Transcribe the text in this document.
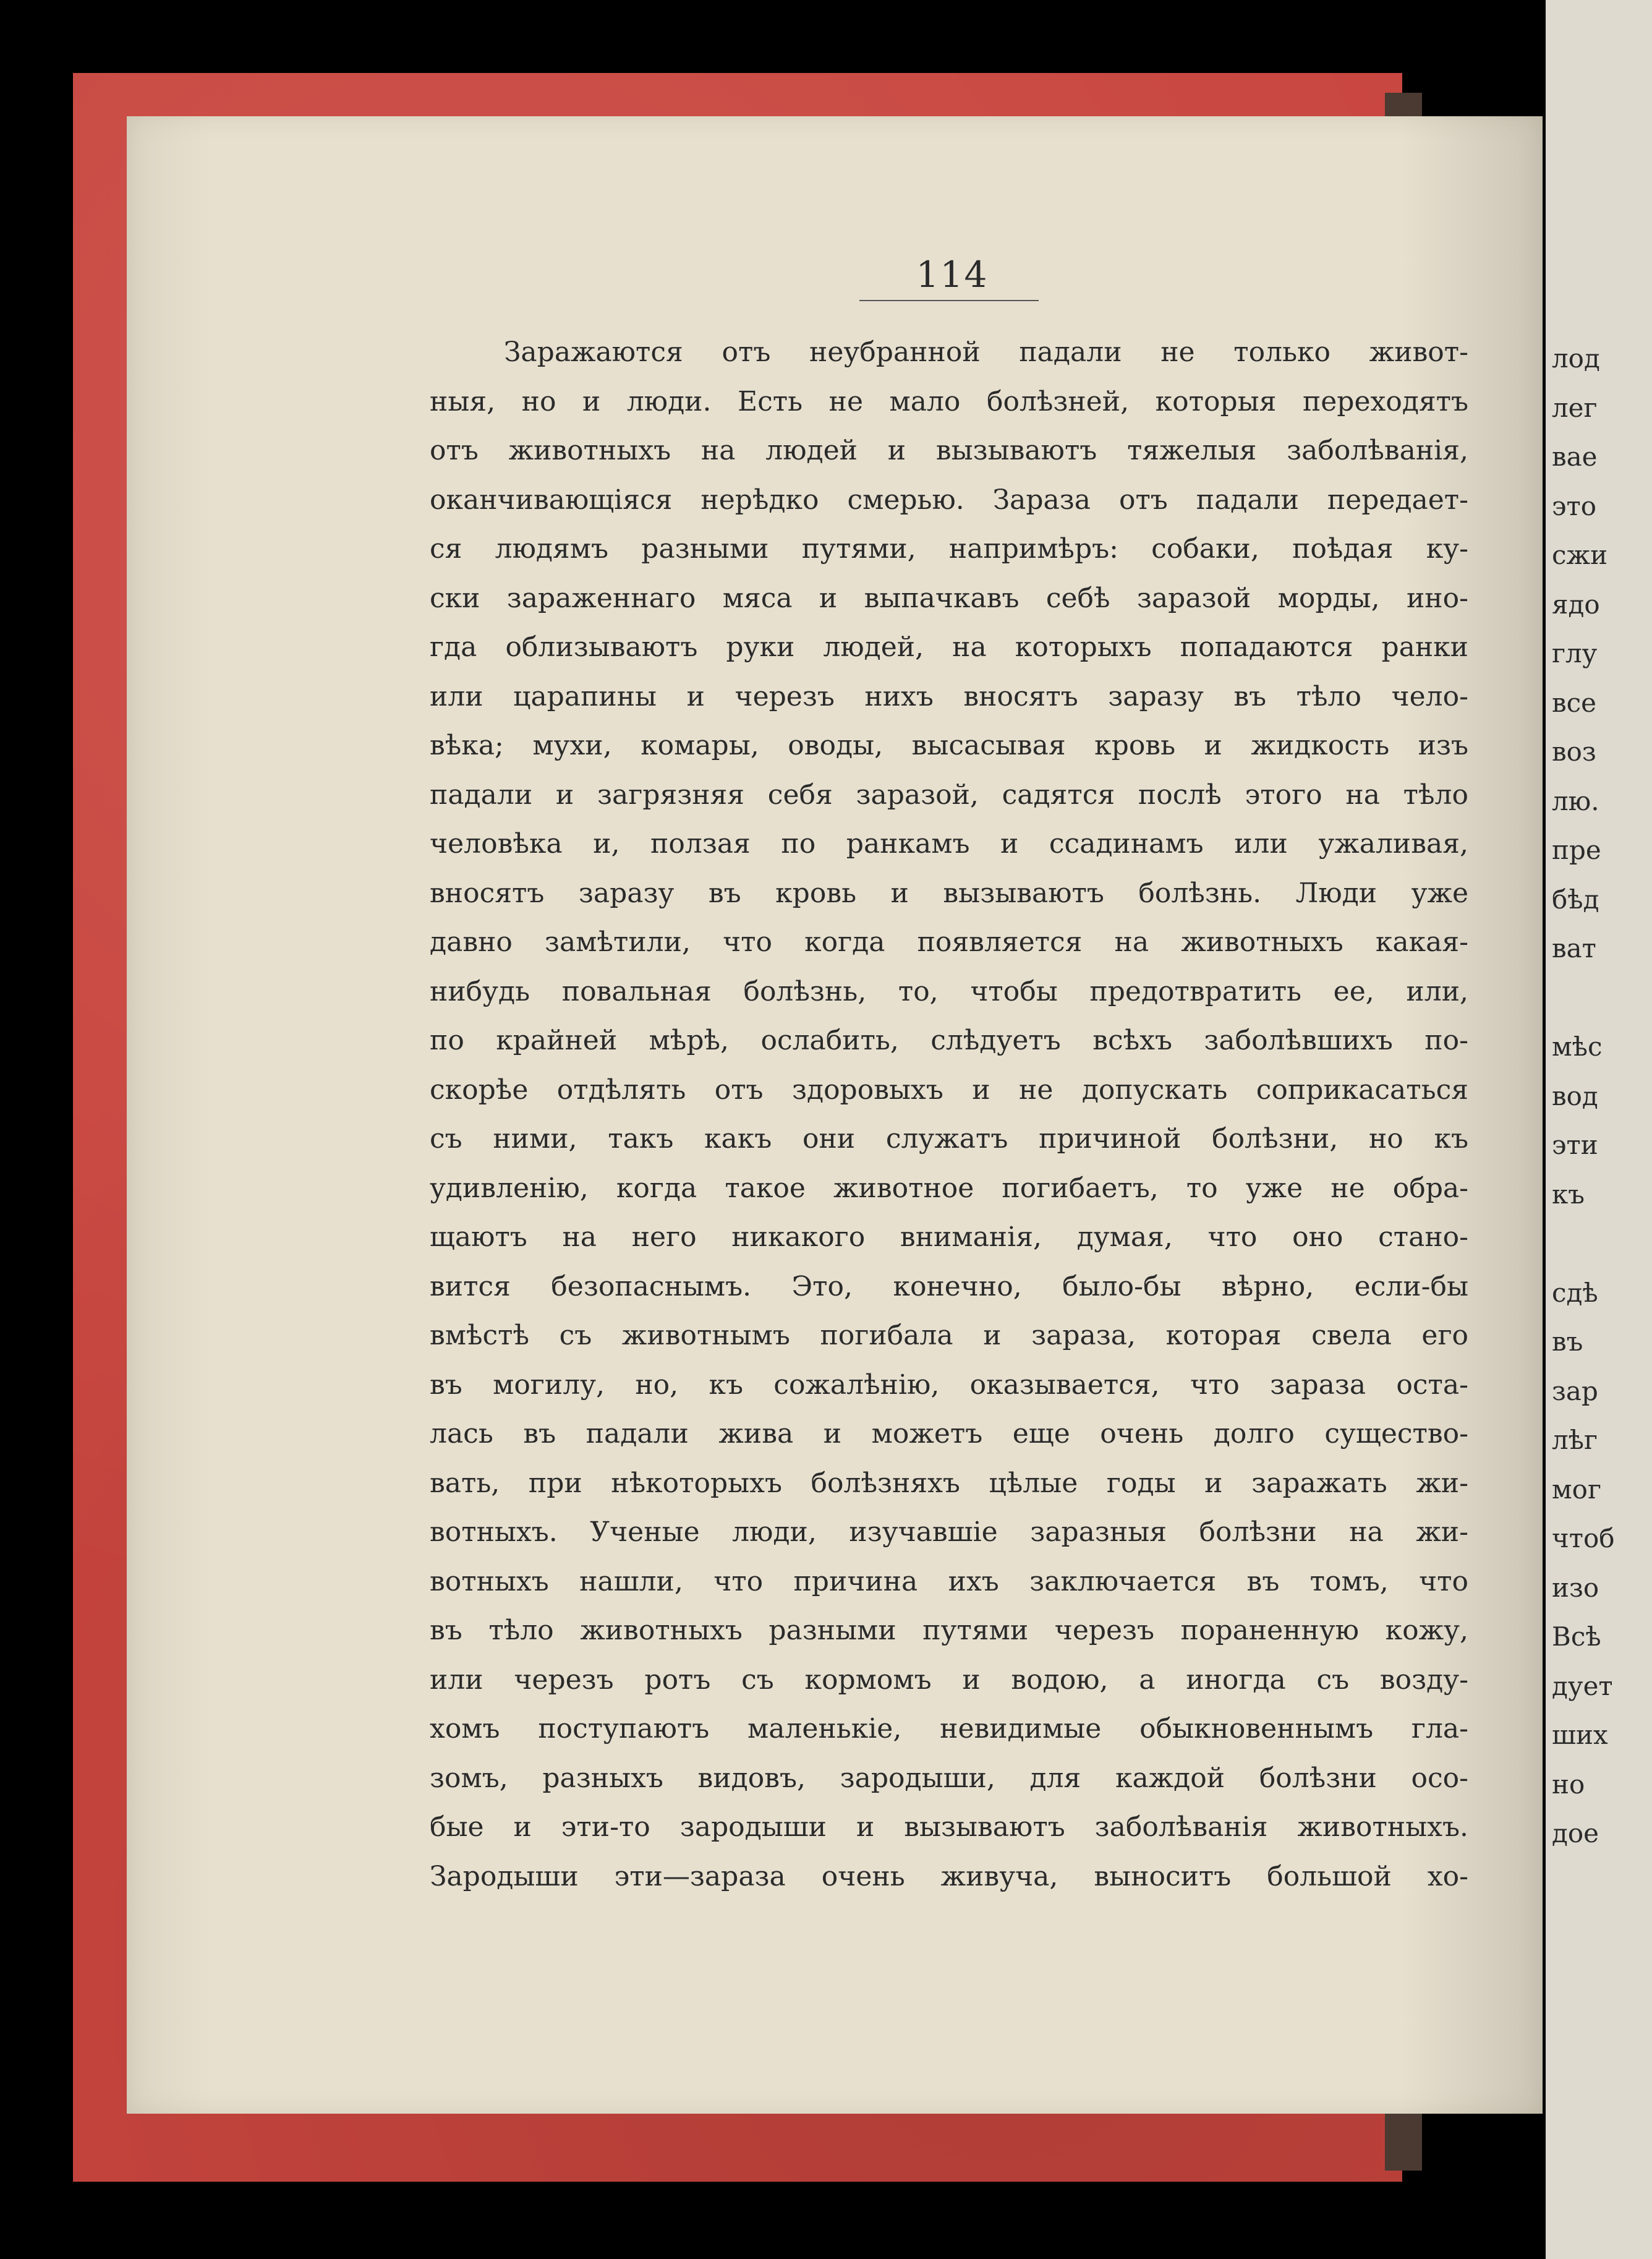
114
Заражаются отъ неубранной падали не только живот-
ныя, но и люди. Есть не мало болѣзней, которыя переходятъ
отъ животныхъ на людей и вызываютъ тяжелыя заболѣванія,
оканчивающіяся нерѣдко смерью. Зараза отъ падали передает-
ся людямъ разными путями, напримѣръ: собаки, поѣдая ку-
ски зараженнаго мяса и выпачкавъ себѣ заразой морды, ино-
гда облизываютъ руки людей, на которыхъ попадаются ранки
или царапины и черезъ нихъ вносятъ заразу въ тѣло чело-
вѣка; мухи, комары, оводы, высасывая кровь и жидкость изъ
падали и загрязняя себя заразой, садятся послѣ этого на тѣло
человѣка и, ползая по ранкамъ и ссадинамъ или ужаливая,
вносятъ заразу въ кровь и вызываютъ болѣзнь. Люди уже
давно замѣтили, что когда появляется на животныхъ какая-
нибудь повальная болѣзнь, то, чтобы предотвратить ее, или,
по крайней мѣрѣ, ослабить, слѣдуетъ всѣхъ заболѣвшихъ по-
скорѣе отдѣлять отъ здоровыхъ и не допускать соприкасаться
съ ними, такъ какъ они служатъ причиной болѣзни, но къ
удивленію, когда такое животное погибаетъ, то уже не обра-
щаютъ на него никакого вниманія, думая, что оно стано-
вится безопаснымъ. Это, конечно, было-бы вѣрно, если-бы
вмѣстѣ съ животнымъ погибала и зараза, которая свела его
въ могилу, но, къ сожалѣнію, оказывается, что зараза оста-
лась въ падали жива и можетъ еще очень долго существо-
вать, при нѣкоторыхъ болѣзняхъ цѣлые годы и заражать жи-
вотныхъ. Ученые люди, изучавшіе заразныя болѣзни на жи-
вотныхъ нашли, что причина ихъ заключается въ томъ, что
въ тѣло животныхъ разными путями черезъ пораненную кожу,
или черезъ ротъ съ кормомъ и водою, а иногда съ возду-
хомъ поступаютъ маленькіе, невидимые обыкновеннымъ гла-
зомъ, разныхъ видовъ, зародыши, для каждой болѣзни осо-
бые и эти-то зародыши и вызываютъ заболѣванія животныхъ.
Зародыши эти—зараза очень живуча, выноситъ большой хо-
лод
лег
вае
это
сжи
ядо
глу
все
воз
лю.
пре
бѣд
ват
мѣс
вод
эти
къ
сдѣ
въ
зар
лѣг
мог
чтоб
изо
Всѣ
дует
ших
но
дое
